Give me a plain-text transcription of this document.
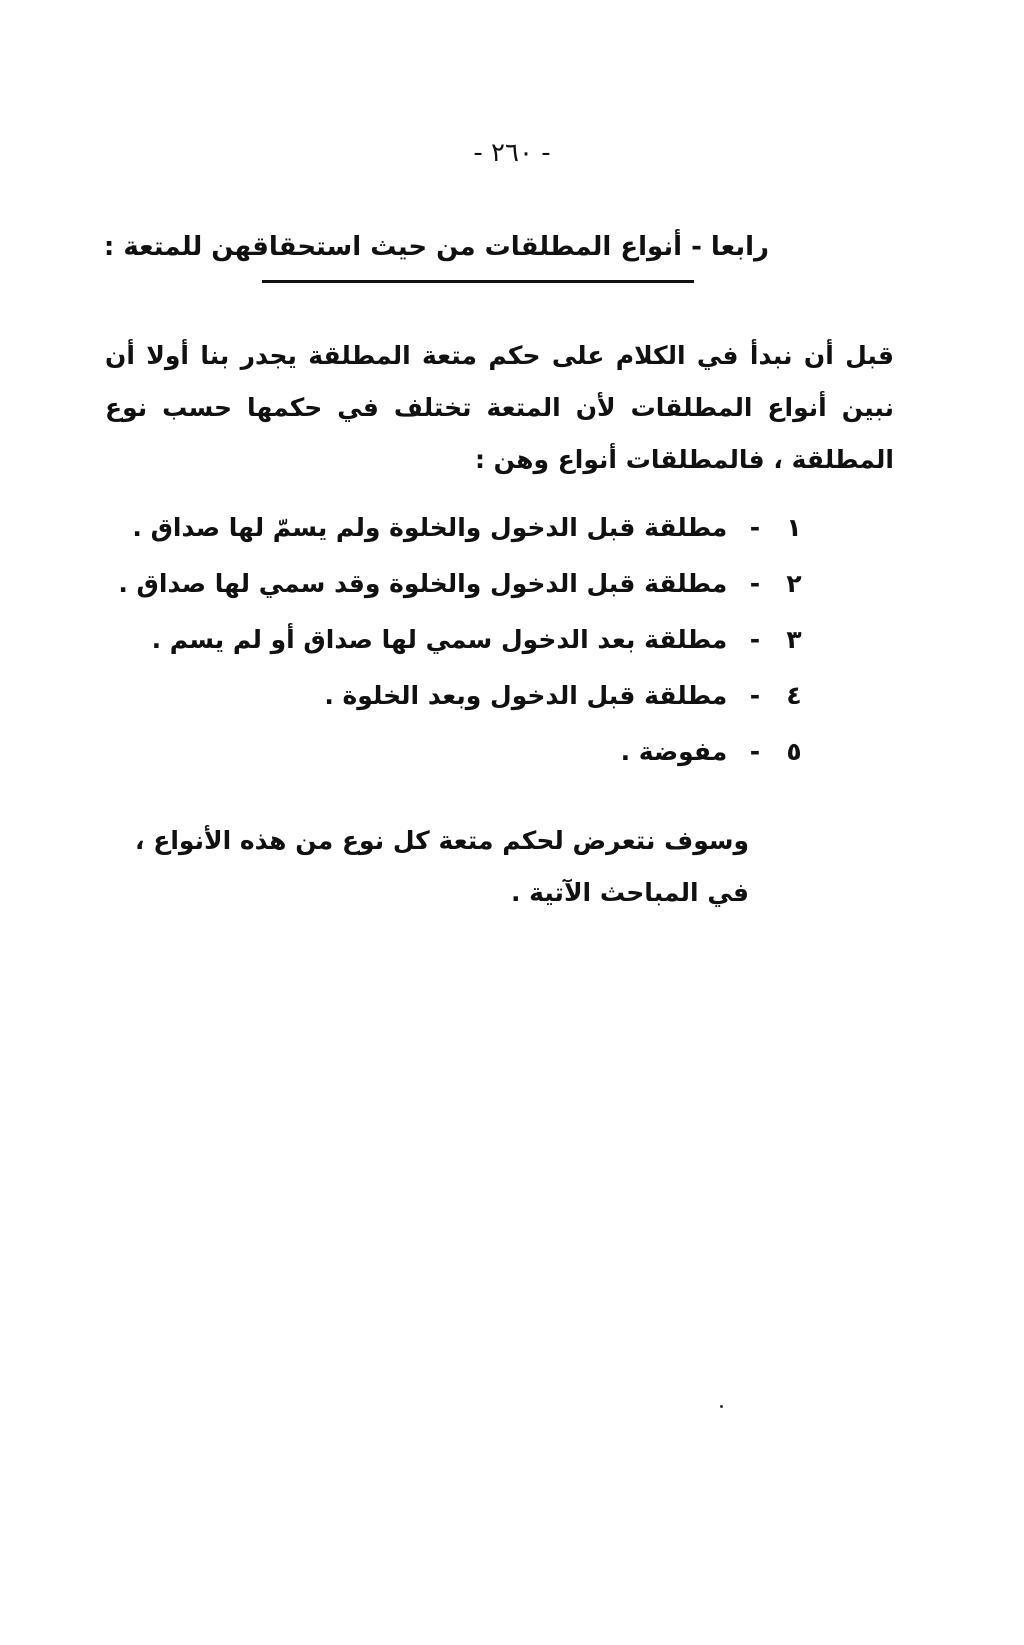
- ٢٦٠ -
رابعا - أنواع المطلقات من حيث استحقاقهن للمتعة :
قبل أن نبدأ في الكلام على حكم متعة المطلقة يجدر بنا أولا أن نبين أنواع المطلقات لأن المتعة تختلف في حكمها حسب نوع المطلقة ، فالمطلقات أنواع وهن :
١- مطلقة قبل الدخول والخلوة ولم يسمّ لها صداق .
٢- مطلقة قبل الدخول والخلوة وقد سمي لها صداق .
٣- مطلقة بعد الدخول سمي لها صداق أو لم يسم .
٤- مطلقة قبل الدخول وبعد الخلوة .
٥- مفوضة .
وسوف نتعرض لحكم متعة كل نوع من هذه الأنواع ، في المباحث الآتية .
